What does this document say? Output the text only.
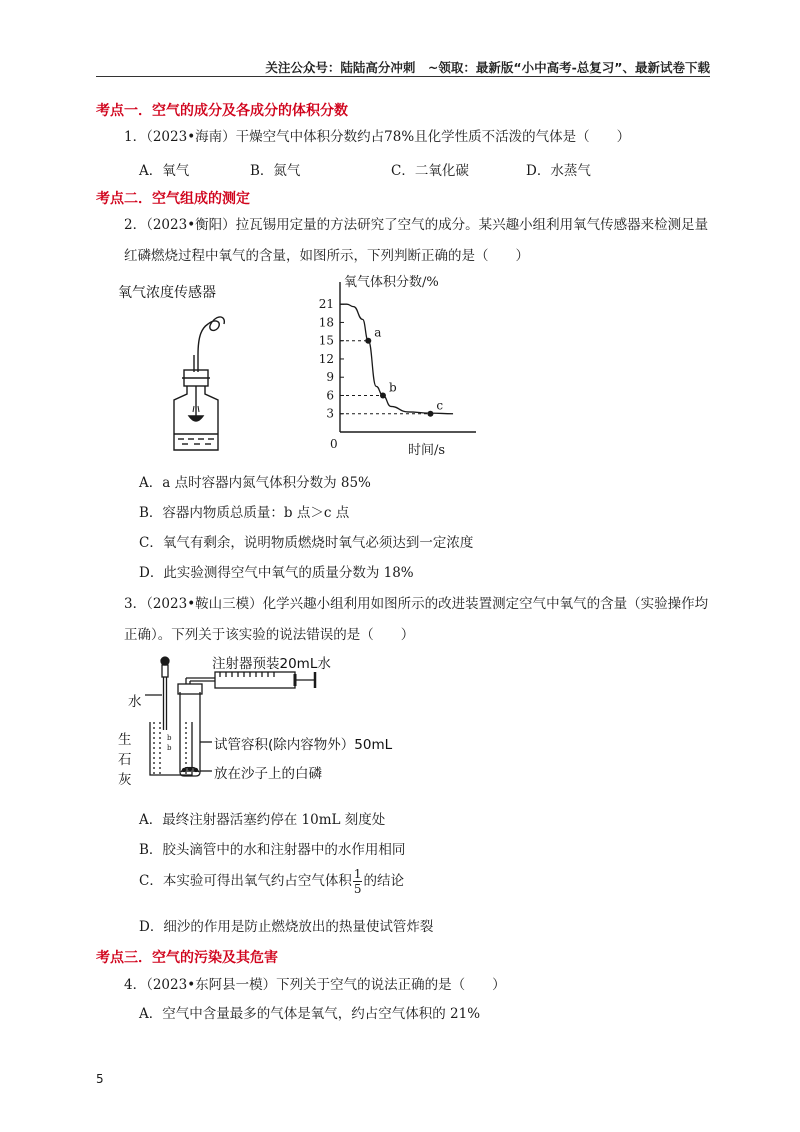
关注公众号：陆陆高分冲刺　~领取：最新版“小中高考-总复习”、最新试卷下载
考点一．空气的成分及各成分的体积分数
1．（2023•海南）干燥空气中体积分数约占78%且化学性质不活泼的气体是（　　）
A．氧气	B．氮气	C．二氧化碳	D．水蒸气
考点二．空气组成的测定
2．（2023•衡阳）拉瓦锡用定量的方法研究了空气的成分。某兴趣小组利用氧气传感器来检测足量
红磷燃烧过程中氧气的含量，如图所示，下列判断正确的是（　　）
氧气浓度传感器
3
6
9
12
15
18
21
0
氧气体积分数/%
时间/s
a
b
c
A．a 点时容器内氮气体积分数为 85%
B．容器内物质总质量：b 点＞c 点
C．氧气有剩余，说明物质燃烧时氧气必须达到一定浓度
D．此实验测得空气中氧气的质量分数为 18%
3．（2023•鞍山三模）化学兴趣小组利用如图所示的改进装置测定空气中氧气的含量（实验操作均
正确）。下列关于该实验的说法错误的是（　　）
注射器预装20mL水
水
生
石
灰
试管容积(除内容物外）50mL
放在沙子上的白磷
b
b
A．最终注射器活塞约停在 10mL 刻度处
B．胶头滴管中的水和注射器中的水作用相同
C．本实验可得出氧气约占空气体积 $\frac{1}{5}$ 的结论
D．细沙的作用是防止燃烧放出的热量使试管炸裂
考点三．空气的污染及其危害
4．（2023•东阿县一模）下列关于空气的说法正确的是（　　）
A．空气中含量最多的气体是氧气，约占空气体积的 21%
5
